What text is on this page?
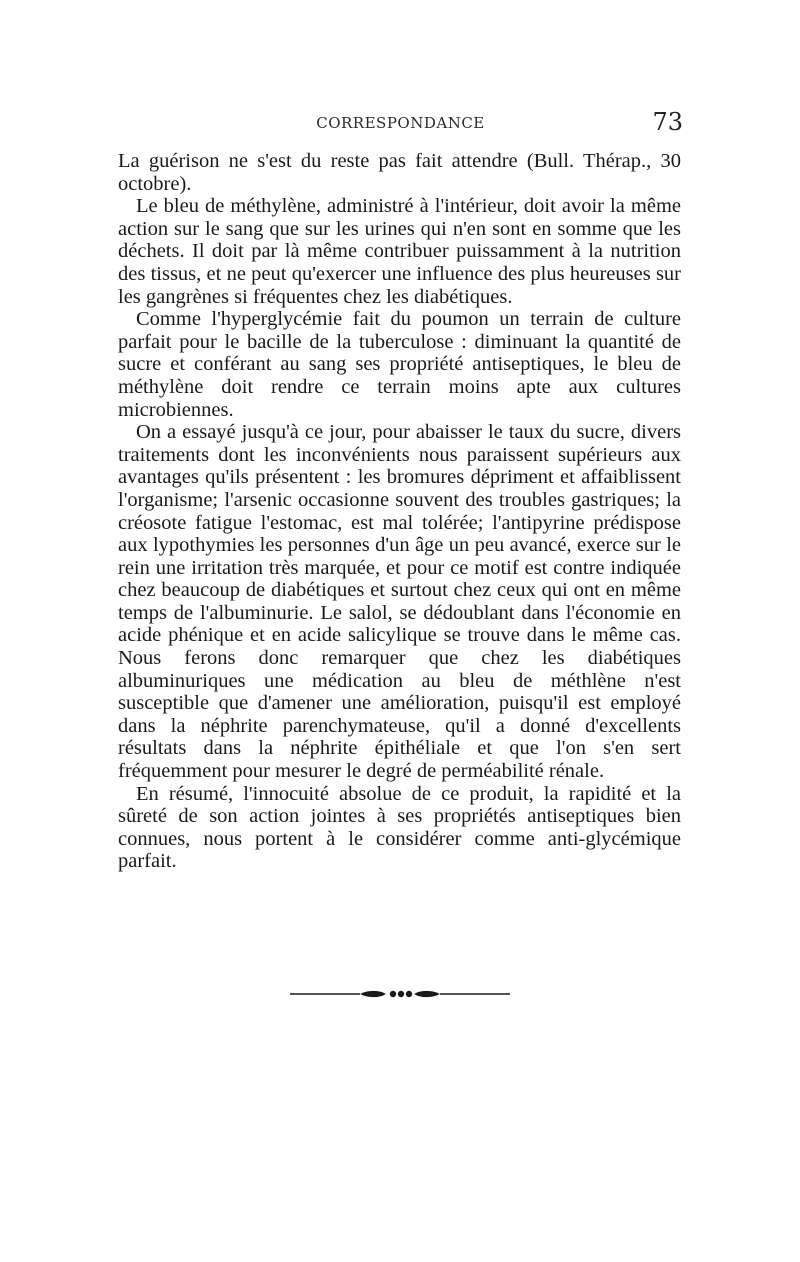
CORRESPONDANCE	73

La guérison ne s'est du reste pas fait attendre (Bull. Thérap., 30 octobre).

Le bleu de méthylène, administré à l'intérieur, doit avoir la même action sur le sang que sur les urines qui n'en sont en somme que les déchets. Il doit par là même contribuer puissamment à la nutrition des tissus, et ne peut qu'exercer une influence des plus heureuses sur les gangrènes si fréquentes chez les diabétiques.

Comme l'hyperglycémie fait du poumon un terrain de culture parfait pour le bacille de la tuberculose : diminuant la quantité de sucre et conférant au sang ses propriété antiseptiques, le bleu de méthylène doit rendre ce terrain moins apte aux cultures microbiennes.

On a essayé jusqu'à ce jour, pour abaisser le taux du sucre, divers traitements dont les inconvénients nous paraissent supérieurs aux avantages qu'ils présentent : les bromures dépriment et affaiblissent l'organisme; l'arsenic occasionne souvent des troubles gastriques; la créosote fatigue l'estomac, est mal tolérée; l'antipyrine prédispose aux lypothymies les personnes d'un âge un peu avancé, exerce sur le rein une irritation très marquée, et pour ce motif est contre indiquée chez beaucoup de diabétiques et surtout chez ceux qui ont en même temps de l'albuminurie. Le salol, se dédoublant dans l'économie en acide phénique et en acide salicylique se trouve dans le même cas. Nous ferons donc remarquer que chez les diabétiques albuminuriques une médication au bleu de méthlène n'est susceptible que d'amener une amélioration, puisqu'il est employé dans la néphrite parenchymateuse, qu'il a donné d'excellents résultats dans la néphrite épithéliale et que l'on s'en sert fréquemment pour mesurer le degré de perméabilité rénale.

En résumé, l'innocuité absolue de ce produit, la rapidité et la sûreté de son action jointes à ses propriétés antiseptiques bien connues, nous portent à le considérer comme anti-glycémique parfait.
